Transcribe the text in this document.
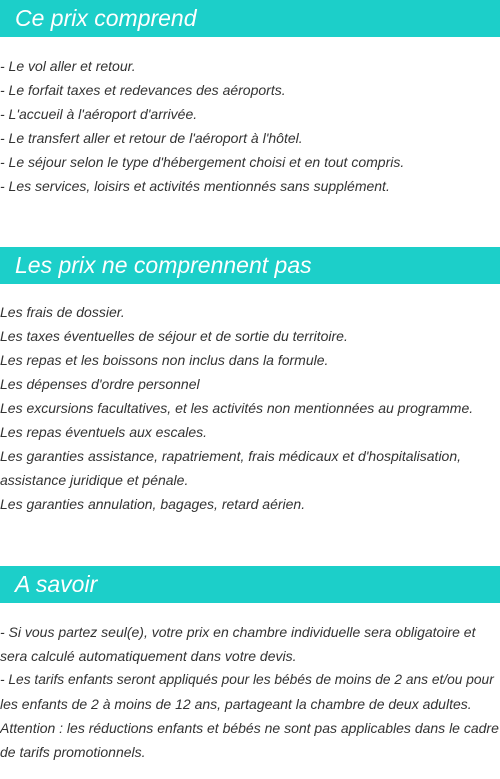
Ce prix comprend

- Le vol aller et retour.

- Le forfait taxes et redevances des aéroports.

- L'accueil à l'aéroport d'arrivée.

- Le transfert aller et retour de l'aéroport à l'hôtel.

- Le séjour selon le type d'hébergement choisi et en tout compris.

- Les services, loisirs et activités mentionnés sans supplément.

Les prix ne comprennent pas

Les frais de dossier.

Les taxes éventuelles de séjour et de sortie du territoire.

Les repas et les boissons non inclus dans la formule.

Les dépenses d'ordre personnel

Les excursions facultatives, et les activités non mentionnées au programme.

Les repas éventuels aux escales.

Les garanties assistance, rapatriement, frais médicaux et d'hospitalisation,

assistance juridique et pénale.

Les garanties annulation, bagages, retard aérien.

A savoir

- Si vous partez seul(e), votre prix en chambre individuelle sera obligatoire et

sera calculé automatiquement dans votre devis.

- Les tarifs enfants seront appliqués pour les bébés de moins de 2 ans et/ou pour

les enfants de 2 à moins de 12 ans, partageant la chambre de deux adultes.

Attention : les réductions enfants et bébés ne sont pas applicables dans le cadre

de tarifs promotionnels.
